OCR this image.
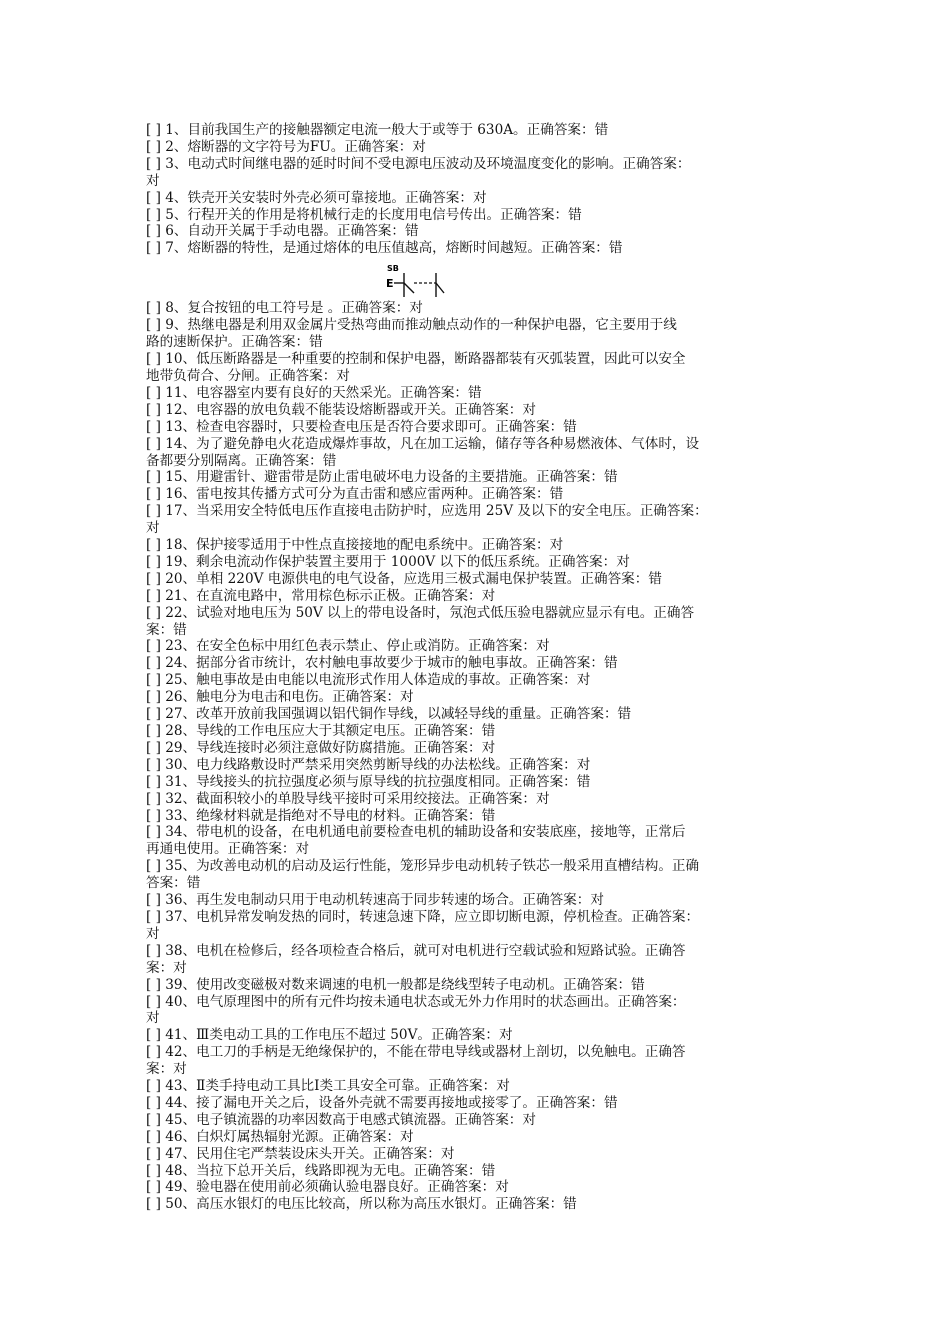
[ ] 1、目前我国生产的接触器额定电流一般大于或等于 630A。正确答案：错
[ ] 2、熔断器的文字符号为FU。正确答案：对
[ ] 3、电动式时间继电器的延时时间不受电源电压波动及环境温度变化的影响。正确答案：
对
[ ] 4、铁壳开关安装时外壳必须可靠接地。正确答案：对
[ ] 5、行程开关的作用是将机械行走的长度用电信号传出。正确答案：错
[ ] 6、自动开关属于手动电器。正确答案：错
[ ] 7、熔断器的特性，是通过熔体的电压值越高，熔断时间越短。正确答案：错
SB
E
[ ] 8、复合按钮的电工符号是 。正确答案：对
[ ] 9、热继电器是利用双金属片受热弯曲而推动触点动作的一种保护电器，它主要用于线
路的速断保护。正确答案：错
[ ] 10、低压断路器是一种重要的控制和保护电器，断路器都装有灭弧装置，因此可以安全
地带负荷合、分闸。正确答案：对
[ ] 11、电容器室内要有良好的天然采光。正确答案：错
[ ] 12、电容器的放电负载不能装设熔断器或开关。正确答案：对
[ ] 13、检查电容器时，只要检查电压是否符合要求即可。正确答案：错
[ ] 14、为了避免静电火花造成爆炸事故，凡在加工运输，储存等各种易燃液体、气体时，设
备都要分别隔离。正确答案：错
[ ] 15、用避雷针、避雷带是防止雷电破坏电力设备的主要措施。正确答案：错
[ ] 16、雷电按其传播方式可分为直击雷和感应雷两种。正确答案：错
[ ] 17、当采用安全特低电压作直接电击防护时，应选用 25V 及以下的安全电压。正确答案：
对
[ ] 18、保护接零适用于中性点直接接地的配电系统中。正确答案：对
[ ] 19、剩余电流动作保护装置主要用于 1000V 以下的低压系统。正确答案：对
[ ] 20、单相 220V 电源供电的电气设备，应选用三极式漏电保护装置。正确答案：错
[ ] 21、在直流电路中，常用棕色标示正极。正确答案：对
[ ] 22、试验对地电压为 50V 以上的带电设备时，氖泡式低压验电器就应显示有电。正确答
案：错
[ ] 23、在安全色标中用红色表示禁止、停止或消防。正确答案：对
[ ] 24、据部分省市统计，农村触电事故要少于城市的触电事故。正确答案：错
[ ] 25、触电事故是由电能以电流形式作用人体造成的事故。正确答案：对
[ ] 26、触电分为电击和电伤。正确答案：对
[ ] 27、改革开放前我国强调以铝代铜作导线，以减轻导线的重量。正确答案：错
[ ] 28、导线的工作电压应大于其额定电压。正确答案：错
[ ] 29、导线连接时必须注意做好防腐措施。正确答案：对
[ ] 30、电力线路敷设时严禁采用突然剪断导线的办法松线。正确答案：对
[ ] 31、导线接头的抗拉强度必须与原导线的抗拉强度相同。正确答案：错
[ ] 32、截面积较小的单股导线平接时可采用绞接法。正确答案：对
[ ] 33、绝缘材料就是指绝对不导电的材料。正确答案：错
[ ] 34、带电机的设备，在电机通电前要检查电机的辅助设备和安装底座，接地等，正常后
再通电使用。正确答案：对
[ ] 35、为改善电动机的启动及运行性能，笼形异步电动机转子铁芯一般采用直槽结构。正确
答案：错
[ ] 36、再生发电制动只用于电动机转速高于同步转速的场合。正确答案：对
[ ] 37、电机异常发响发热的同时，转速急速下降，应立即切断电源，停机检查。正确答案：
对
[ ] 38、电机在检修后，经各项检查合格后，就可对电机进行空载试验和短路试验。正确答
案：对
[ ] 39、使用改变磁极对数来调速的电机一般都是绕线型转子电动机。正确答案：错
[ ] 40、电气原理图中的所有元件均按未通电状态或无外力作用时的状态画出。正确答案：
对
[ ] 41、Ⅲ类电动工具的工作电压不超过 50V。正确答案：对
[ ] 42、电工刀的手柄是无绝缘保护的，不能在带电导线或器材上剖切，以免触电。正确答
案：对
[ ] 43、Ⅱ类手持电动工具比Ⅰ类工具安全可靠。正确答案：对
[ ] 44、接了漏电开关之后，设备外壳就不需要再接地或接零了。正确答案：错
[ ] 45、电子镇流器的功率因数高于电感式镇流器。正确答案：对
[ ] 46、白炽灯属热辐射光源。正确答案：对
[ ] 47、民用住宅严禁装设床头开关。正确答案：对
[ ] 48、当拉下总开关后，线路即视为无电。正确答案：错
[ ] 49、验电器在使用前必须确认验电器良好。正确答案：对
[ ] 50、高压水银灯的电压比较高，所以称为高压水银灯。正确答案：错
